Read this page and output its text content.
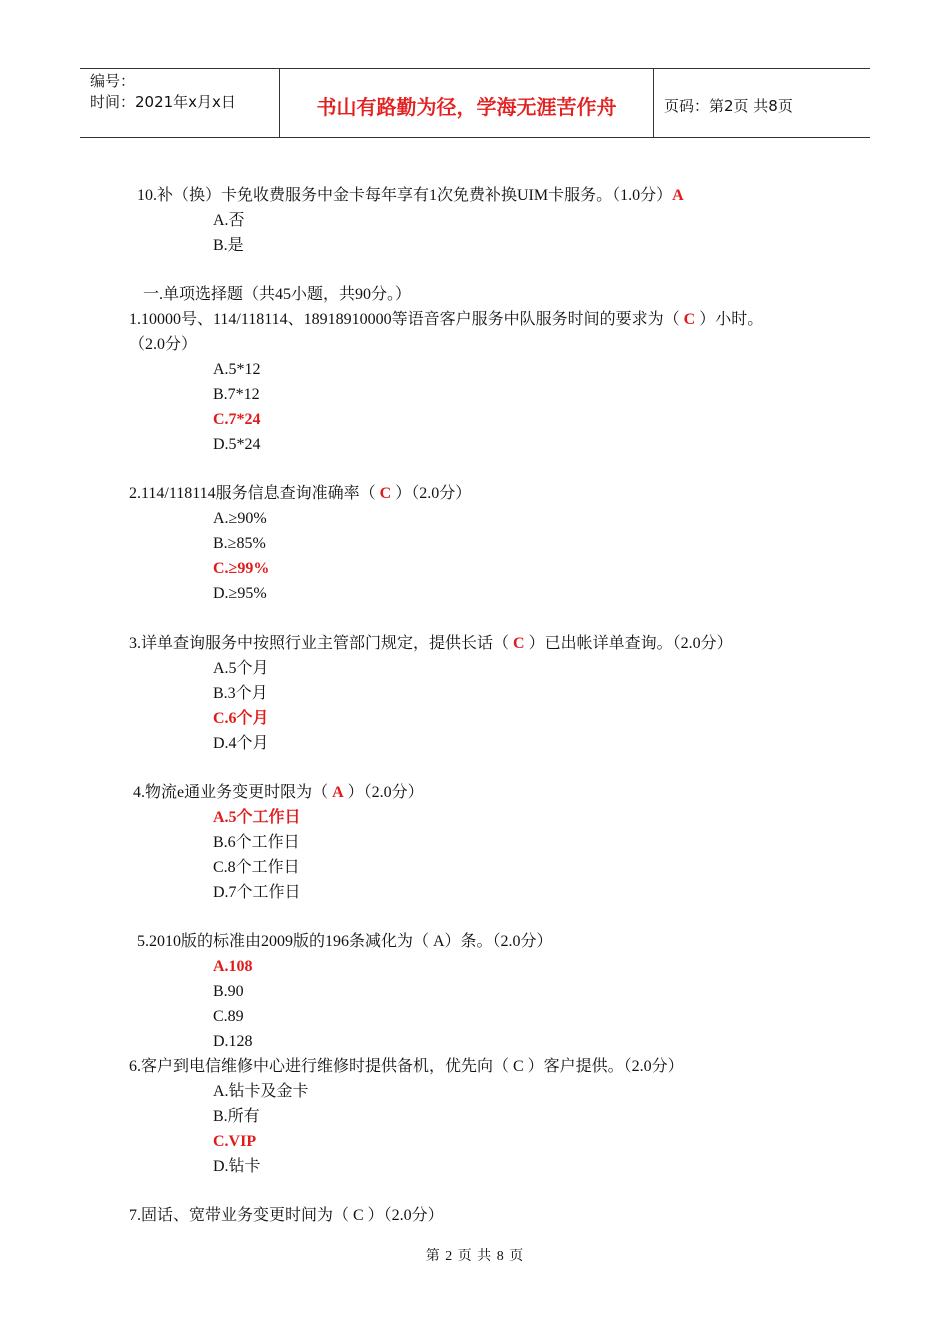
编号：
时间：2021年x月x日	书山有路勤为径，学海无涯苦作舟	页码：第2页 共8页
10.补（换）卡免收费服务中金卡每年享有1次免费补换UIM卡服务。（1.0分）A
A.否
B.是
一.单项选择题（共45小题，共90分。）
1.10000号、114/118114、18918910000等语音客户服务中队服务时间的要求为（ C ）小时。
（2.0分）
A.5*12
B.7*12
C.7*24
D.5*24
2.114/118114服务信息查询准确率（ C ）（2.0分）
A.≥90%
B.≥85%
C.≥99%
D.≥95%
3.详单查询服务中按照行业主管部门规定，提供长话（ C ）已出帐详单查询。（2.0分）
A.5个月
B.3个月
C.6个月
D.4个月
4.物流e通业务变更时限为（ A ）（2.0分）
A.5个工作日
B.6个工作日
C.8个工作日
D.7个工作日
5.2010版的标准由2009版的196条减化为（ A）条。（2.0分）
A.108
B.90
C.89
D.128
6.客户到电信维修中心进行维修时提供备机，优先向（ C ）客户提供。（2.0分）
A.钻卡及金卡
B.所有
C.VIP
D.钻卡
7.固话、宽带业务变更时间为（ C ）（2.0分）
第 2 页 共 8 页
